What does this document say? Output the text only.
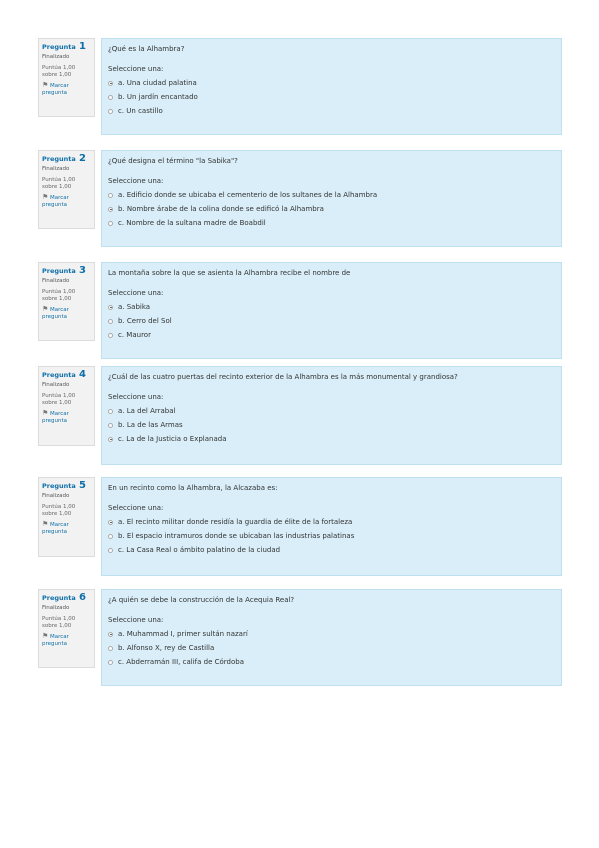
Pregunta 1
Finalizado
Puntúa 1,00
sobre 1,00
⚑ Marcar
pregunta
¿Qué es la Alhambra?
Seleccione una:
a. Una ciudad palatina
b. Un jardín encantado
c. Un castillo
Pregunta 2
Finalizado
Puntúa 1,00
sobre 1,00
⚑ Marcar
pregunta
¿Qué designa el término "la Sabika"?
Seleccione una:
a. Edificio donde se ubicaba el cementerio de los sultanes de la Alhambra
b. Nombre árabe de la colina donde se edificó la Alhambra
c. Nombre de la sultana madre de Boabdil
Pregunta 3
Finalizado
Puntúa 1,00
sobre 1,00
⚑ Marcar
pregunta
La montaña sobre la que se asienta la Alhambra recibe el nombre de
Seleccione una:
a. Sabika
b. Cerro del Sol
c. Mauror
Pregunta 4
Finalizado
Puntúa 1,00
sobre 1,00
⚑ Marcar
pregunta
¿Cuál de las cuatro puertas del recinto exterior de la Alhambra es la más monumental y grandiosa?
Seleccione una:
a. La del Arrabal
b. La de las Armas
c. La de la Justicia o Explanada
Pregunta 5
Finalizado
Puntúa 1,00
sobre 1,00
⚑ Marcar
pregunta
En un recinto como la Alhambra, la Alcazaba es:
Seleccione una:
a. El recinto militar donde residía la guardia de élite de la fortaleza
b. El espacio intramuros donde se ubicaban las industrias palatinas
c. La Casa Real o ámbito palatino de la ciudad
Pregunta 6
Finalizado
Puntúa 1,00
sobre 1,00
⚑ Marcar
pregunta
¿A quién se debe la construcción de la Acequia Real?
Seleccione una:
a. Muhammad I, primer sultán nazarí
b. Alfonso X, rey de Castilla
c. Abderramán III, califa de Córdoba
